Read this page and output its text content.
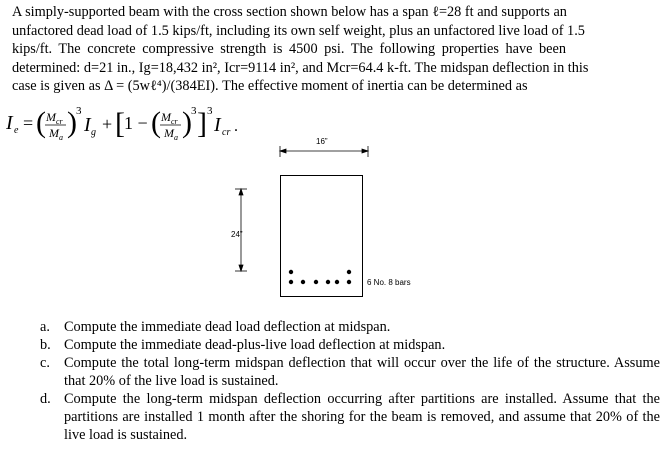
A simply-supported beam with the cross section shown below has a span ℓ=28 ft and supports an
unfactored dead load of 1.5 kips/ft, including its own self weight, plus an unfactored live load of 1.5
kips/ft. The concrete compressive strength is 4500 psi. The following properties have been
determined: d=21 in., Ig=18,432 in², Icr=9114 in², and Mcr=64.4 k-ft. The midspan deflection in this
case is given as Δ = (5wℓ⁴)/(384EI). The effective moment of inertia can be determined as
I e = ( M cr
M a ) 3
I g + [ 1 − ( M cr
M a ) 3 ] 3
I cr .
16”
24”
6 No. 8 bars
a. Compute the immediate dead load deflection at midspan.
b. Compute the immediate dead-plus-live load deflection at midspan.
c. Compute the total long-term midspan deflection that will occur over the life of the structure. Assume that 20% of the live load is sustained.
d. Compute the long-term midspan deflection occurring after partitions are installed. Assume that the partitions are installed 1 month after the shoring for the beam is removed, and assume that 20% of the live load is sustained.
